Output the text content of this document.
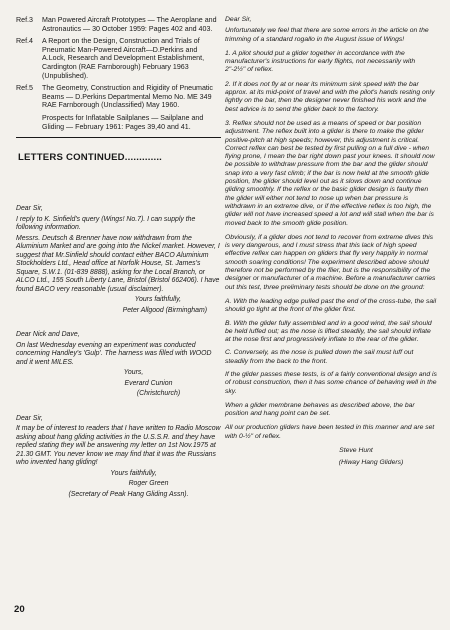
Ref.3	Man Powered Aircraft Prototypes — The Aeroplane and Astronautics — 30 October 1959: Pages 402 and 403.
Ref.4	A Report on the Design, Construction and Trials of Pneumatic Man-Powered Aircraft—D.Perkins and A.Lock, Research and Development Establishment, Cardington (RAE Farnborough) February 1963 (Unpublished).
Ref.5	The Geometry, Construction and Rigidity of Pneumatic Beams — D.Perkins Departmental Memo No. ME 349 RAE Farnborough (Unclassified) May 1960.
Prospects for Inflatable Sailplanes — Sailplane and Gliding — February 1961: Pages 39,40 and 41.
LETTERS CONTINUED.............

Dear Sir,

I reply to K. Sinfield's query (Wings! No.7). I can supply the following information.

Messrs. Deutsch & Brenner have now withdrawn from the Aluminium Market and are going into the Nickel market. However, I suggest that Mr.Sinfield should contact either BACO Aluminium Stockholders Ltd., Head office at Norfolk House, St. James's Square, S.W.1. (01-839 8888), asking for the Local Branch, or ALCO Ltd., 155 South Liberty Lane, Bristol (Bristol 662406). I have found BACO very reasonable (usual disclaimer).

Yours faithfully,

Peter Allgood (Birmingham)

Dear Nick and Dave,

On last Wednesday evening an experiment was conducted concerning Handley's 'Gulp'. The harness was filled with WOOD and it went MILES.

Yours,

Everard Cunion

(Christchurch)

Dear Sir,

It may be of interest to readers that I have written to Radio Moscow asking about hang gliding activities in the U.S.S.R. and they have replied stating they will be answering my letter on 1st Nov.1975 at 21.30 GMT. You never know we may find that it was the Russians who invented hang gliding!

Yours faithfully,

Roger Green

(Secretary of Peak Hang Gliding Assn).

Dear Sir,

Unfortunately we feel that there are some errors in the article on the trimming of a standard rogallo in the August issue of Wings!

1. A pilot should put a glider together in accordance with the manufacturer's instructions for early flights, not necessarily with 2"-2½" of reflex.

2. If it does not fly at or near its minimum sink speed with the bar approx. at its mid-point of travel and with the pilot's hands resting only lightly on the bar, then the designer never finished his work and the best advice is to send the glider back to the factory.

3. Reflex should not be used as a means of speed or bar position adjustment. The reflex built into a glider is there to make the glider positive-pitch at high speeds; however, this adjustment is critical. Correct reflex can best be tested by first pulling on a full dive - when flying prone, I mean the bar right down past your knees. It should now be possible to withdraw pressure from the bar and the glider should snap into a very fast climb; if the bar is now held at the smooth glide position, the glider should level out as it slows down and continue gliding smoothly. If the reflex or the basic glider design is faulty then the glider will either not tend to nose up when bar pressure is withdrawn in an extreme dive, or if the effective reflex is too high, the glider will not have increased speed a lot and will stall when the bar is moved back to the smooth glide position.

Obviously, if a glider does not tend to recover from extreme dives this is very dangerous, and I must stress that this lack of high speed effective reflex can happen on gliders that fly very happily in normal smooth soaring conditions! The experiment described above should therefore not be performed by the flier, but is the responsibility of the designer or manufacturer of a machine. Before a manufacturer carries out this test, three preliminary tests should be done on the ground:

A. With the leading edge pulled past the end of the cross-tube, the sail should go tight at the front of the glider first.

B. With the glider fully assembled and in a good wind, the sail should be held luffed out; as the nose is lifted steadily, the sail should inflate at the nose first and progressively inflate to the rear of the glider.

C. Conversely, as the nose is pulled down the sail must luff out steadily from the back to the front.

If the glider passes these tests, is of a fairly conventional design and is of robust construction, then it has some chance of behaving well in the sky.

When a glider membrane behaves as described above, the bar position and hang point can be set.

All our production gliders have been tested in this manner and are set with 0-½" of reflex.

Steve Hunt

(Hiway Hang Gliders)

20
